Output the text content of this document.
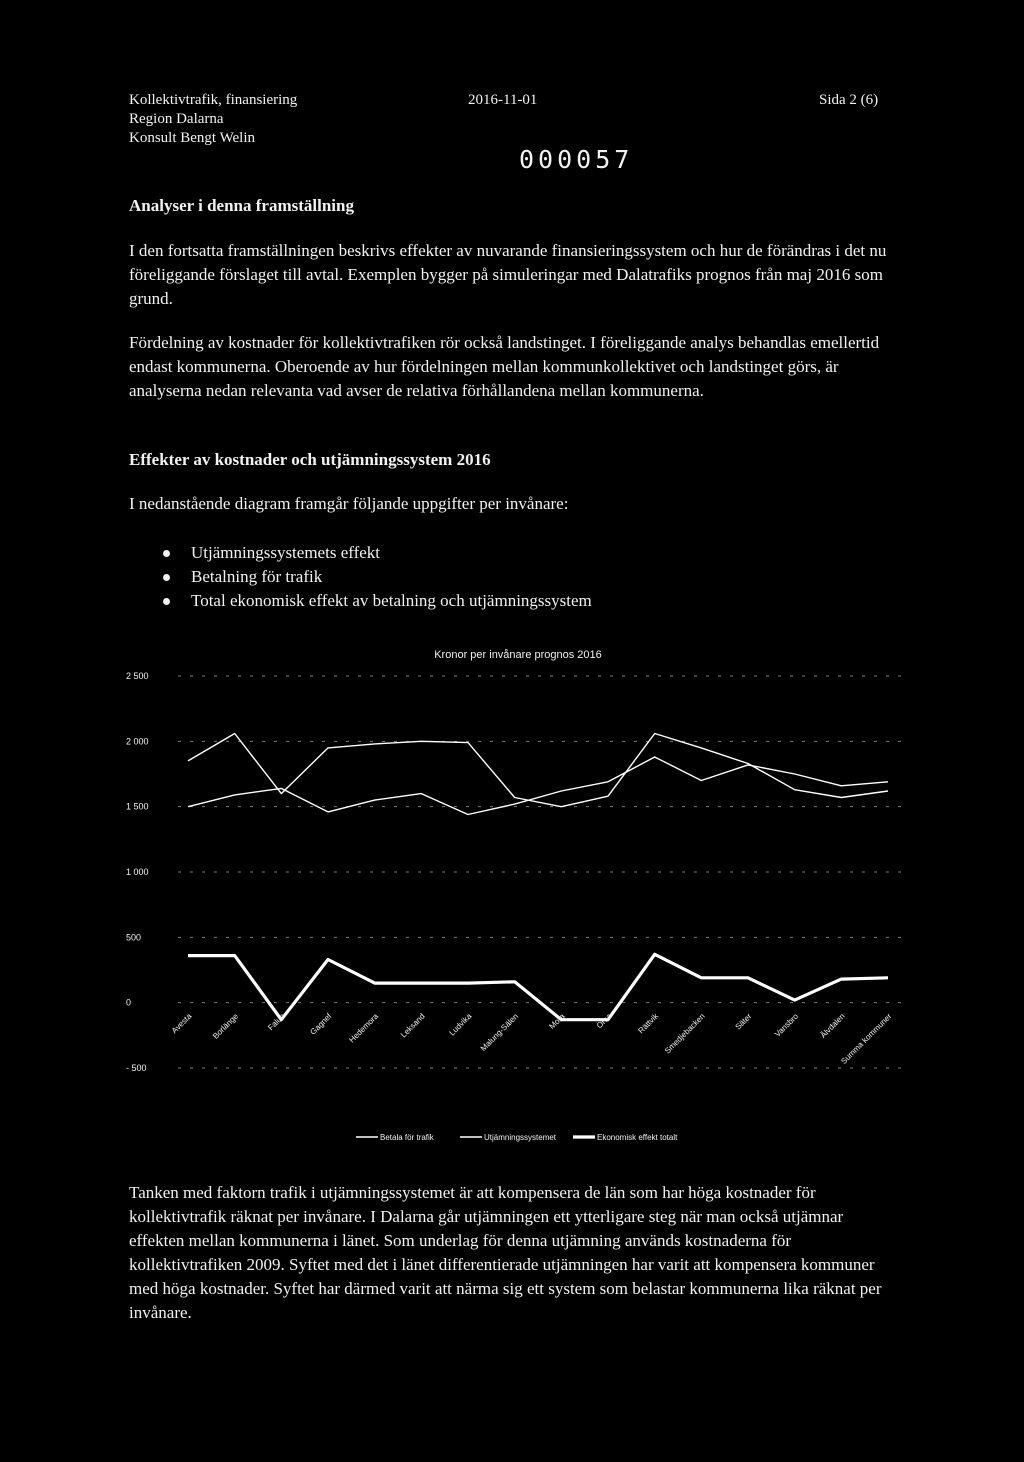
Kollektivtrafik, finansiering
Region Dalarna
Konsult Bengt Welin
2016-11-01	Sida 2 (6)
000057
Analyser i denna framställning

I den fortsatta framställningen beskrivs effekter av nuvarande finansieringssystem och hur de förändras i det nu föreliggande förslaget till avtal. Exemplen bygger på simuleringar med Dalatrafiks prognos från maj 2016 som grund.

Fördelning av kostnader för kollektivtrafiken rör också landstinget. I föreliggande analys behandlas emellertid endast kommunerna. Oberoende av hur fördelningen mellan kommunkollektivet och landstinget görs, är analyserna nedan relevanta vad avser de relativa förhållandena mellan kommunerna.

Effekter av kostnader och utjämningssystem 2016

I nedanstående diagram framgår följande uppgifter per invånare:

Utjämningssystemets effekt
Betalning för trafik
Total ekonomisk effekt av betalning och utjämningssystem
Kronor per invånare prognos 2016
2 500
2 000
1 500
1 000
500
0
- 500
Avesta Borlänge	Falun	Gagnef Hedemora Leksand	Ludvika Malung-Sälen	Mora	Orsa	Rättvik Smedjebacken	Säter Vansbro Älvdalen
Summa kommuner
Betala för trafik	Utjämningssystemet	Ekonomisk effekt totalt

Tanken med faktorn trafik i utjämningssystemet är att kompensera de län som har höga kostnader för kollektivtrafik räknat per invånare. I Dalarna går utjämningen ett ytterligare steg när man också utjämnar effekten mellan kommunerna i länet. Som underlag för denna utjämning används kostnaderna för kollektivtrafiken 2009. Syftet med det i länet differentierade utjämningen har varit att kompensera kommuner med höga kostnader. Syftet har därmed varit att närma sig ett system som belastar kommunerna lika räknat per invånare.
